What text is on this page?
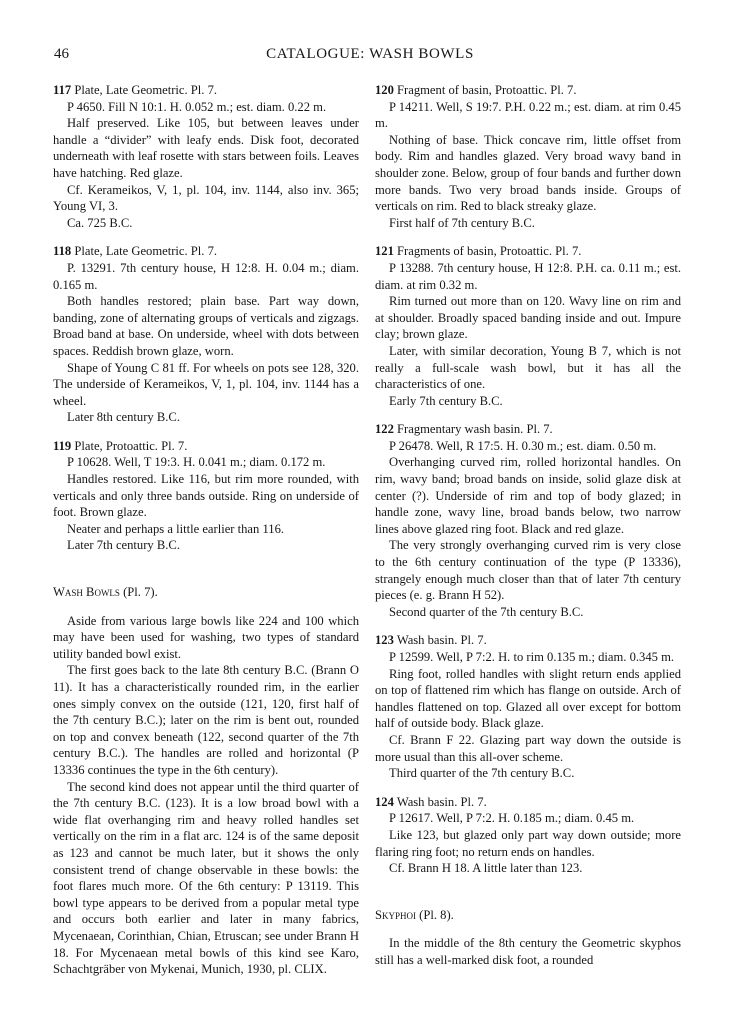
46	CATALOGUE: WASH BOWLS

117 Plate, Late Geometric. Pl. 7.

P 4650. Fill N 10:1. H. 0.052 m.; est. diam. 0.22 m.

Half preserved. Like 105, but between leaves under handle a “divider” with leafy ends. Disk foot, decorated underneath with leaf rosette with stars between foils. Leaves have hatching. Red glaze.

Cf. Kerameikos, V, 1, pl. 104, inv. 1144, also inv. 365; Young VI, 3.

Ca. 725 B.C.

118 Plate, Late Geometric. Pl. 7.

P. 13291. 7th century house, H 12:8. H. 0.04 m.; diam. 0.165 m.

Both handles restored; plain base. Part way down, banding, zone of alternating groups of verticals and zigzags. Broad band at base. On underside, wheel with dots between spaces. Reddish brown glaze, worn.

Shape of Young C 81 ff. For wheels on pots see 128, 320. The underside of Kerameikos, V, 1, pl. 104, inv. 1144 has a wheel.

Later 8th century B.C.

119 Plate, Protoattic. Pl. 7.

P 10628. Well, T 19:3. H. 0.041 m.; diam. 0.172 m.

Handles restored. Like 116, but rim more rounded, with verticals and only three bands outside. Ring on underside of foot. Brown glaze.

Neater and perhaps a little earlier than 116.

Later 7th century B.C.

Wash Bowls (Pl. 7).

Aside from various large bowls like 224 and 100 which may have been used for washing, two types of standard utility banded bowl exist.

The first goes back to the late 8th century B.C. (Brann O 11). It has a characteristically rounded rim, in the earlier ones simply convex on the outside (121, 120, first half of the 7th century B.C.); later on the rim is bent out, rounded on top and convex beneath (122, second quarter of the 7th century B.C.). The handles are rolled and horizontal (P 13336 continues the type in the 6th century).

The second kind does not appear until the third quarter of the 7th century B.C. (123). It is a low broad bowl with a wide flat overhanging rim and heavy rolled handles set vertically on the rim in a flat arc. 124 is of the same deposit as 123 and cannot be much later, but it shows the only consistent trend of change observable in these bowls: the foot flares much more. Of the 6th century: P 13119. This bowl type appears to be derived from a popular metal type and occurs both earlier and later in many fabrics, Mycenaean, Corinthian, Chian, Etruscan; see under Brann H 18. For Mycenaean metal bowls of this kind see Karo, Schachtgräber von Mykenai, Munich, 1930, pl. CLIX.

120 Fragment of basin, Protoattic. Pl. 7.

P 14211. Well, S 19:7. P.H. 0.22 m.; est. diam. at rim 0.45 m.

Nothing of base. Thick concave rim, little offset from body. Rim and handles glazed. Very broad wavy band in shoulder zone. Below, group of four bands and further down more bands. Two very broad bands inside. Groups of verticals on rim. Red to black streaky glaze.

First half of 7th century B.C.

121 Fragments of basin, Protoattic. Pl. 7.

P 13288. 7th century house, H 12:8. P.H. ca. 0.11 m.; est. diam. at rim 0.32 m.

Rim turned out more than on 120. Wavy line on rim and at shoulder. Broadly spaced banding inside and out. Impure clay; brown glaze.

Later, with similar decoration, Young B 7, which is not really a full-scale wash bowl, but it has all the characteristics of one.

Early 7th century B.C.

122 Fragmentary wash basin. Pl. 7.

P 26478. Well, R 17:5. H. 0.30 m.; est. diam. 0.50 m.

Overhanging curved rim, rolled horizontal handles. On rim, wavy band; broad bands on inside, solid glaze disk at center (?). Underside of rim and top of body glazed; in handle zone, wavy line, broad bands below, two narrow lines above glazed ring foot. Black and red glaze.

The very strongly overhanging curved rim is very close to the 6th century continuation of the type (P 13336), strangely enough much closer than that of later 7th century pieces (e. g. Brann H 52).

Second quarter of the 7th century B.C.

123 Wash basin. Pl. 7.

P 12599. Well, P 7:2. H. to rim 0.135 m.; diam. 0.345 m.

Ring foot, rolled handles with slight return ends applied on top of flattened rim which has flange on outside. Arch of handles flattened on top. Glazed all over except for bottom half of outside body. Black glaze.

Cf. Brann F 22. Glazing part way down the outside is more usual than this all-over scheme.

Third quarter of the 7th century B.C.

124 Wash basin. Pl. 7.

P 12617. Well, P 7:2. H. 0.185 m.; diam. 0.45 m.

Like 123, but glazed only part way down outside; more flaring ring foot; no return ends on handles.

Cf. Brann H 18. A little later than 123.

Skyphoi (Pl. 8).

In the middle of the 8th century the Geometric skyphos still has a well-marked disk foot, a rounded
